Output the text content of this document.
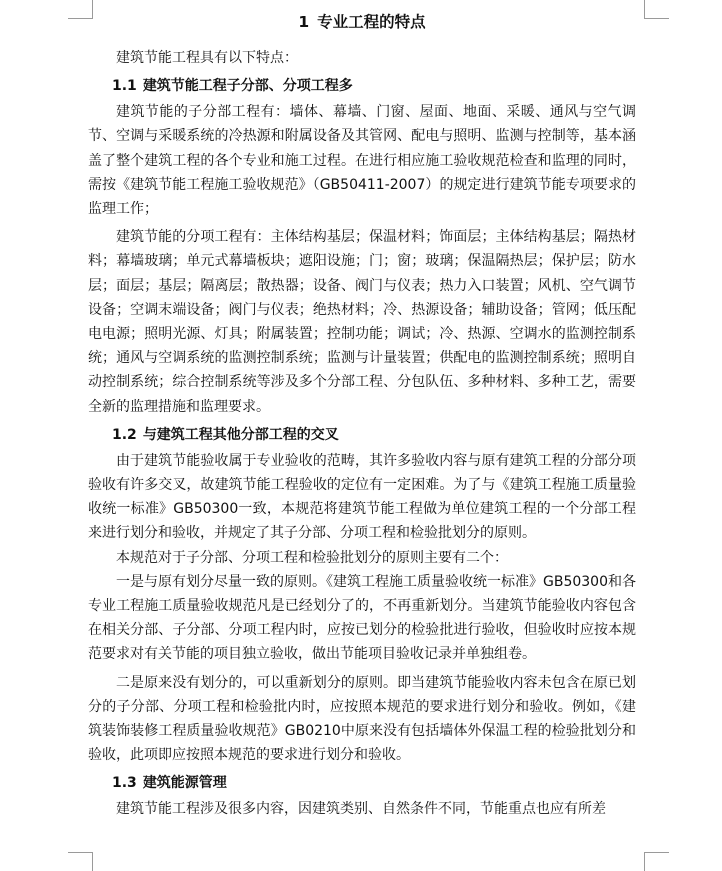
1 专业工程的特点

建筑节能工程具有以下特点：

1.1 建筑节能工程子分部、分项工程多

建筑节能的子分部工程有：墙体、幕墙、门窗、屋面、地面、采暖、通风与空气调节、空调与采暖系统的冷热源和附属设备及其管网、配电与照明、监测与控制等，基本涵盖了整个建筑工程的各个专业和施工过程。在进行相应施工验收规范检查和监理的同时，需按《建筑节能工程施工验收规范》（GB50411-2007）的规定进行建筑节能专项要求的监理工作；

建筑节能的分项工程有：主体结构基层；保温材料；饰面层；主体结构基层；隔热材料；幕墙玻璃；单元式幕墙板块；遮阳设施；门；窗；玻璃；保温隔热层；保护层；防水层；面层；基层；隔离层；散热器；设备、阀门与仪表；热力入口装置；风机、空气调节设备；空调末端设备；阀门与仪表；绝热材料；冷、热源设备；辅助设备；管网；低压配电电源；照明光源、灯具；附属装置；控制功能；调试；冷、热源、空调水的监测控制系统；通风与空调系统的监测控制系统；监测与计量装置；供配电的监测控制系统；照明自动控制系统；综合控制系统等涉及多个分部工程、分包队伍、多种材料、多种工艺，需要全新的监理措施和监理要求。

1.2 与建筑工程其他分部工程的交叉

由于建筑节能验收属于专业验收的范畴，其许多验收内容与原有建筑工程的分部分项验收有许多交叉，故建筑节能工程验收的定位有一定困难。为了与《建筑工程施工质量验收统一标准》GB50300一致，本规范将建筑节能工程做为单位建筑工程的一个分部工程来进行划分和验收，并规定了其子分部、分项工程和检验批划分的原则。

本规范对于子分部、分项工程和检验批划分的原则主要有二个：

一是与原有划分尽量一致的原则。《建筑工程施工质量验收统一标准》GB50300和各专业工程施工质量验收规范凡是已经划分了的，不再重新划分。当建筑节能验收内容包含在相关分部、子分部、分项工程内时，应按已划分的检验批进行验收，但验收时应按本规范要求对有关节能的项目独立验收，做出节能项目验收记录并单独组卷。

二是原来没有划分的，可以重新划分的原则。即当建筑节能验收内容未包含在原已划分的子分部、分项工程和检验批内时，应按照本规范的要求进行划分和验收。例如，《建筑装饰装修工程质量验收规范》GB0210中原来没有包括墙体外保温工程的检验批划分和验收，此项即应按照本规范的要求进行划分和验收。

1.3 建筑能源管理

建筑节能工程涉及很多内容，因建筑类别、自然条件不同，节能重点也应有所差
